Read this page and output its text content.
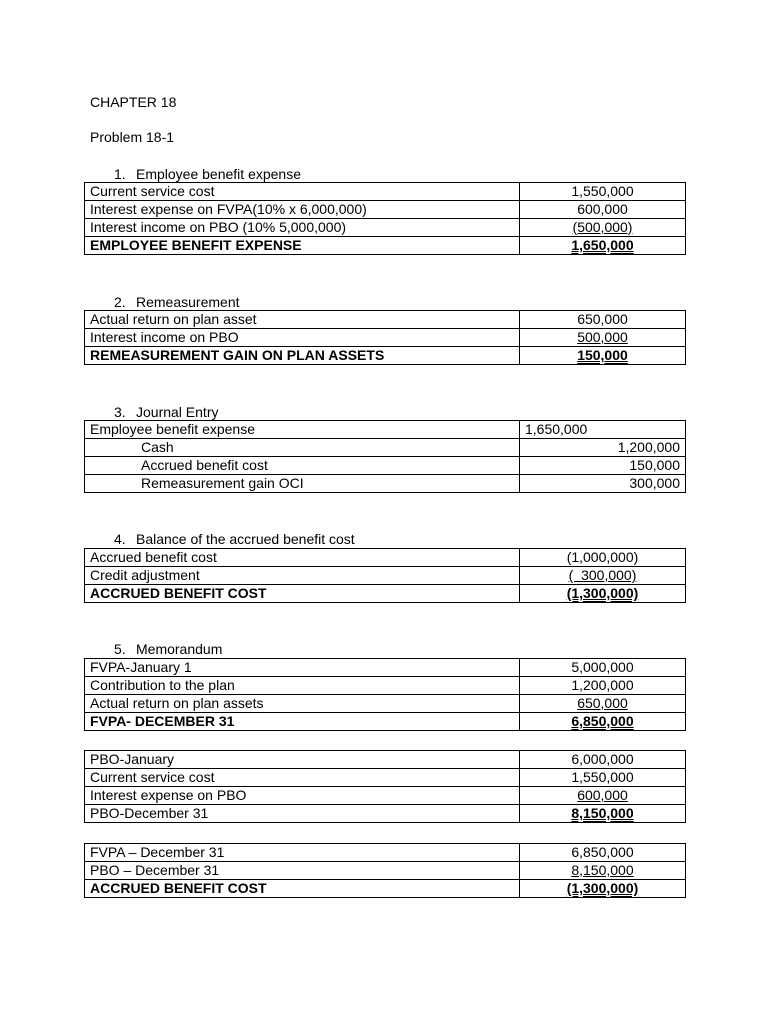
CHAPTER 18
Problem 18-1
1. Employee benefit expense
Current service cost	1,550,000
Interest expense on FVPA(10% x 6,000,000)	600,000
Interest income on PBO (10% 5,000,000)	(500,000)
EMPLOYEE BENEFIT EXPENSE	1,650,000
2. Remeasurement
Actual return on plan asset	650,000
Interest income on PBO	500,000
REMEASUREMENT GAIN ON PLAN ASSETS	150,000
3. Journal Entry
Employee benefit expense	1,650,000
Cash	1,200,000
Accrued benefit cost	150,000
Remeasurement gain OCI	300,000
4. Balance of the accrued benefit cost
Accrued benefit cost	(1,000,000)
Credit adjustment	(  300,000)
ACCRUED BENEFIT COST	(1,300,000)
5. Memorandum
FVPA-January 1	5,000,000
Contribution to the plan	1,200,000
Actual return on plan assets	650,000
FVPA- DECEMBER 31	6,850,000
PBO-January	6,000,000
Current service cost	1,550,000
Interest expense on PBO	600,000
PBO-December 31	8,150,000
FVPA – December 31	6,850,000
PBO – December 31	8,150,000
ACCRUED BENEFIT COST	(1,300,000)
